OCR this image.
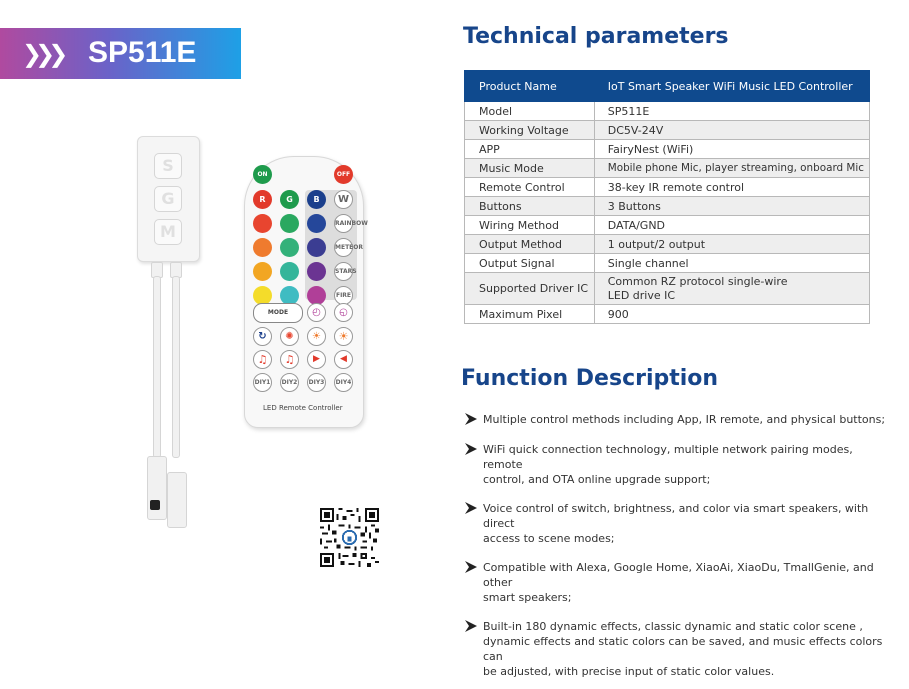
❯❯❯ SP511E
S
G
M
ON	OFF
R	G	B	W
RAINBOW
METEOR
STARS
FIRE
MODE	◴	◵
↻	✺	☀	☀
♫	♫	▶	◀
DIY1 DIY2 DIY3 DIY4
LED Remote Controller
Technical parameters
Product Name	IoT Smart Speaker WiFi Music LED Controller
Model	SP511E
Working Voltage	DC5V-24V
APP	FairyNest (WiFi)
Music Mode	Mobile phone Mic, player streaming, onboard Mic
Remote Control	38-key IR remote control
Buttons	3 Buttons
Wiring Method	DATA/GND
Output Method	1 output/2 output
Output Signal	Single channel
Supported Driver IC	Common RZ protocol single-wire
LED drive IC
Maximum Pixel	900
Function Description
Multiple control methods including App, IR remote, and physical buttons;
WiFi quick connection technology, multiple network pairing modes, remote
control, and OTA online upgrade support;
Voice control of switch, brightness, and color via smart speakers, with direct
access to scene modes;
Compatible with Alexa, Google Home, XiaoAi, XiaoDu, TmallGenie, and other
smart speakers;
Built-in 180 dynamic effects, classic dynamic and static color scene ,
dynamic effects and static colors can be saved, and music effects colors can
be adjusted, with precise input of static color values.
